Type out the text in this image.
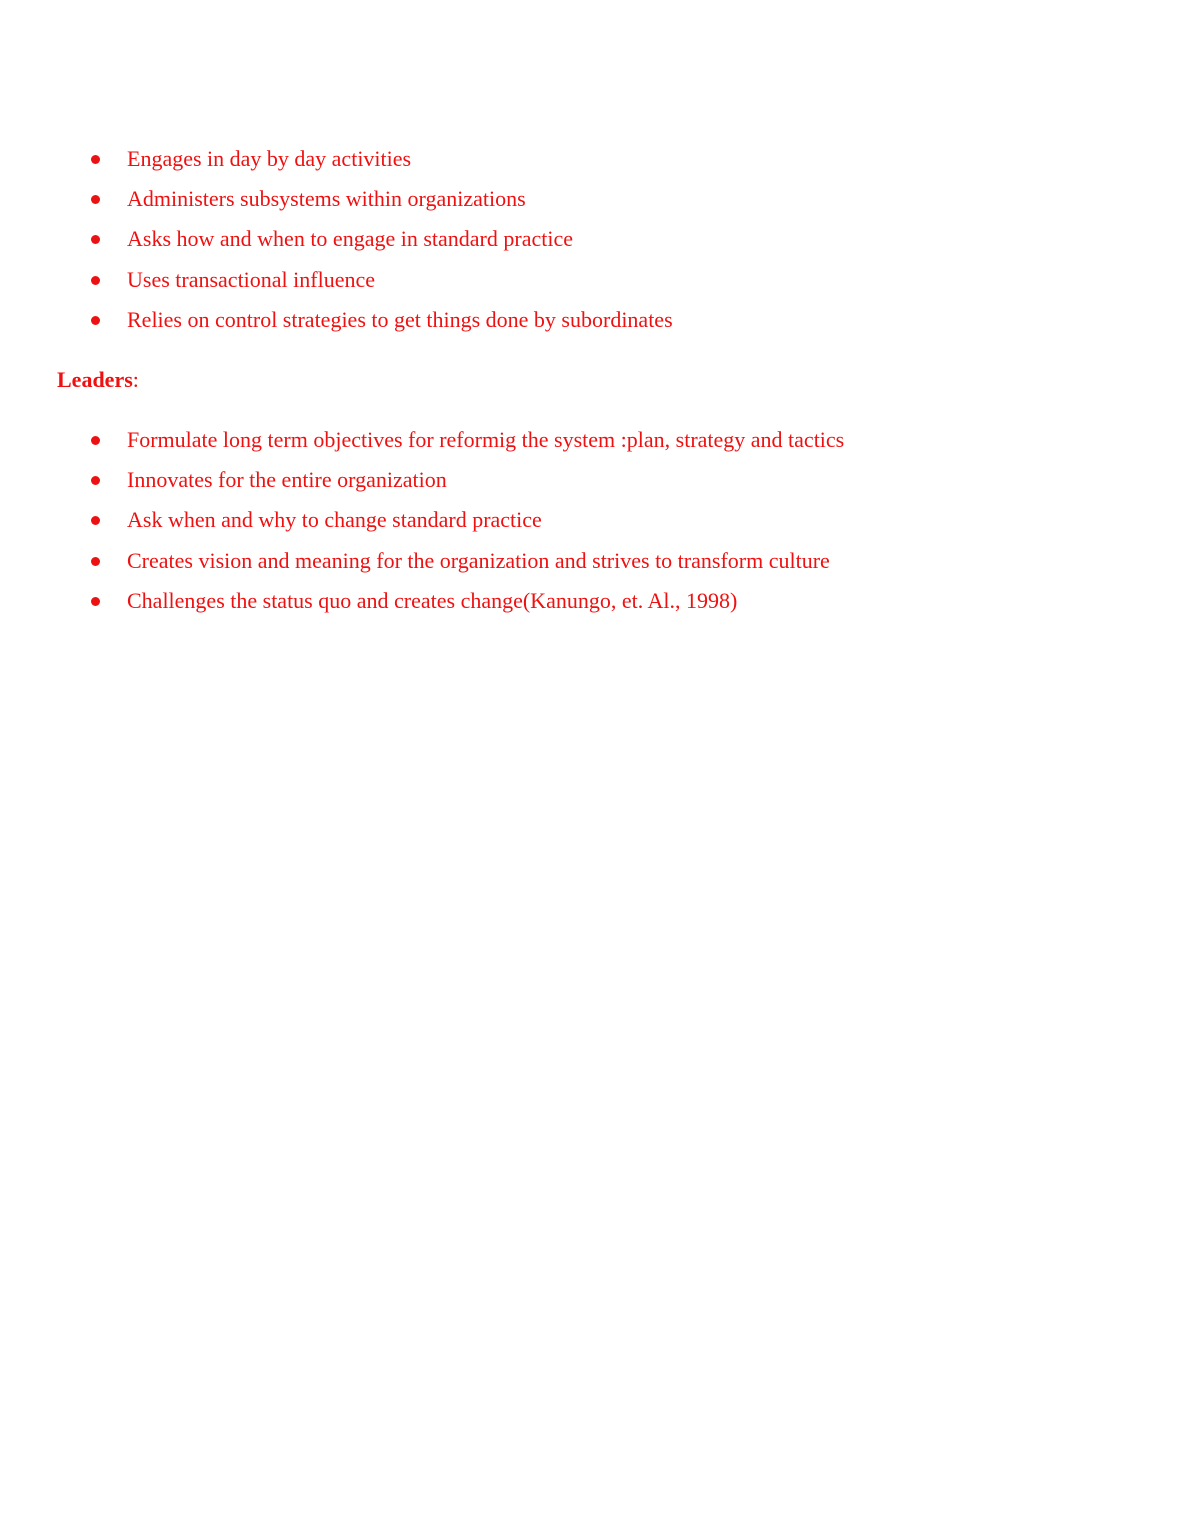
Engages in day by day activities
Administers subsystems within organizations
Asks how and when to engage in standard practice
Uses transactional influence
Relies on control strategies to get things done by subordinates
Leaders:
Formulate long term objectives for reformig the system :plan, strategy and tactics
Innovates for the entire organization
Ask when and why to change standard practice
Creates vision and meaning for the organization and strives to transform culture
Challenges the status quo and creates change(Kanungo, et. Al., 1998)
